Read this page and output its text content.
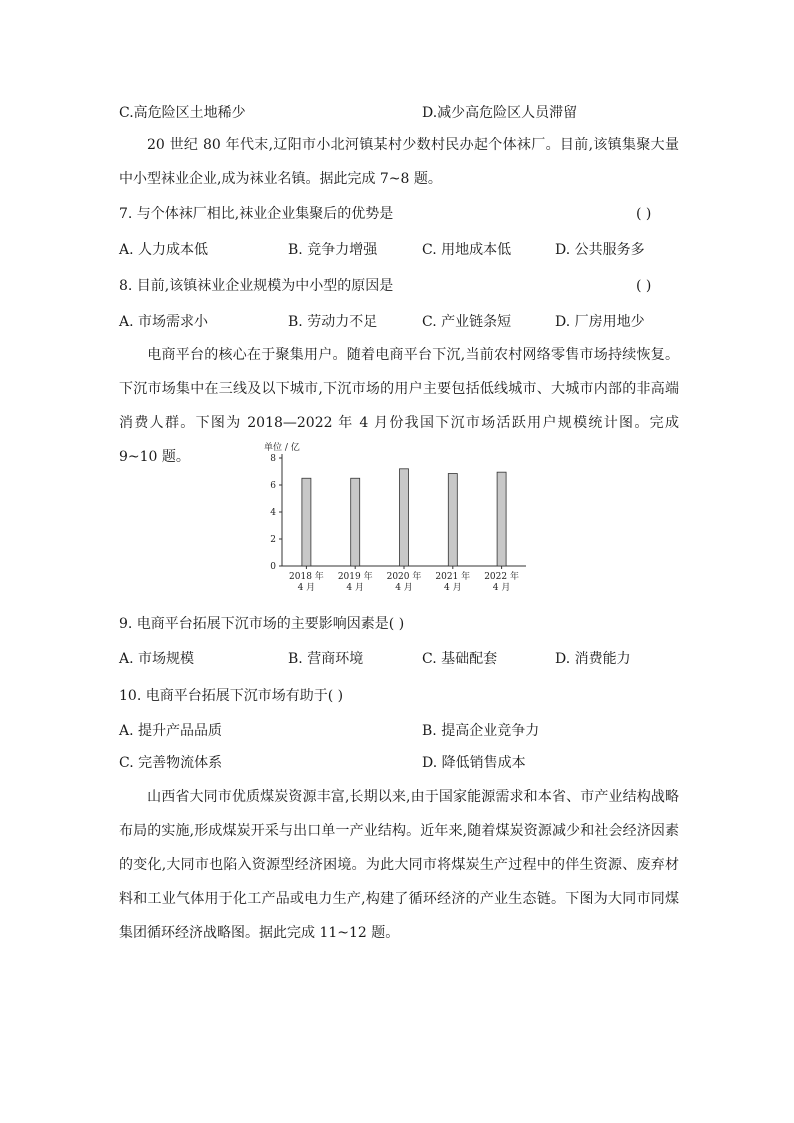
C.高危险区土地稀少	D.减少高危险区人员滞留
20 世纪 80 年代末,辽阳市小北河镇某村少数村民办起个体袜厂。目前,该镇集聚大量中小型袜业企业,成为袜业名镇。据此完成 7~8 题。
7. 与个体袜厂相比,袜业企业集聚后的优势是	( )
A. 人力成本低	B. 竞争力增强	C. 用地成本低	D. 公共服务多
8. 目前,该镇袜业企业规模为中小型的原因是	( )
A. 市场需求小	B. 劳动力不足	C. 产业链条短	D. 厂房用地少
电商平台的核心在于聚集用户。随着电商平台下沉,当前农村网络零售市场持续恢复。下沉市场集中在三线及以下城市,下沉市场的用户主要包括低线城市、大城市内部的非高端消费人群。下图为 2018—2022 年 4 月份我国下沉市场活跃用户规模统计图。完成 9~10 题。
单位 / 亿
0
2
4
6
8
2018 年
4 月
2019 年
4 月
2020 年
4 月
2021 年
4 月
2022 年
4 月
9. 电商平台拓展下沉市场的主要影响因素是( )
A. 市场规模	B. 营商环境	C. 基础配套	D. 消费能力
10. 电商平台拓展下沉市场有助于( )
A. 提升产品品质	B. 提高企业竞争力
C. 完善物流体系	D. 降低销售成本
山西省大同市优质煤炭资源丰富,长期以来,由于国家能源需求和本省、市产业结构战略布局的实施,形成煤炭开采与出口单一产业结构。近年来,随着煤炭资源减少和社会经济因素的变化,大同市也陷入资源型经济困境。为此大同市将煤炭生产过程中的伴生资源、废弃材料和工业气体用于化工产品或电力生产,构建了循环经济的产业生态链。下图为大同市同煤集团循环经济战略图。据此完成 11~12 题。
